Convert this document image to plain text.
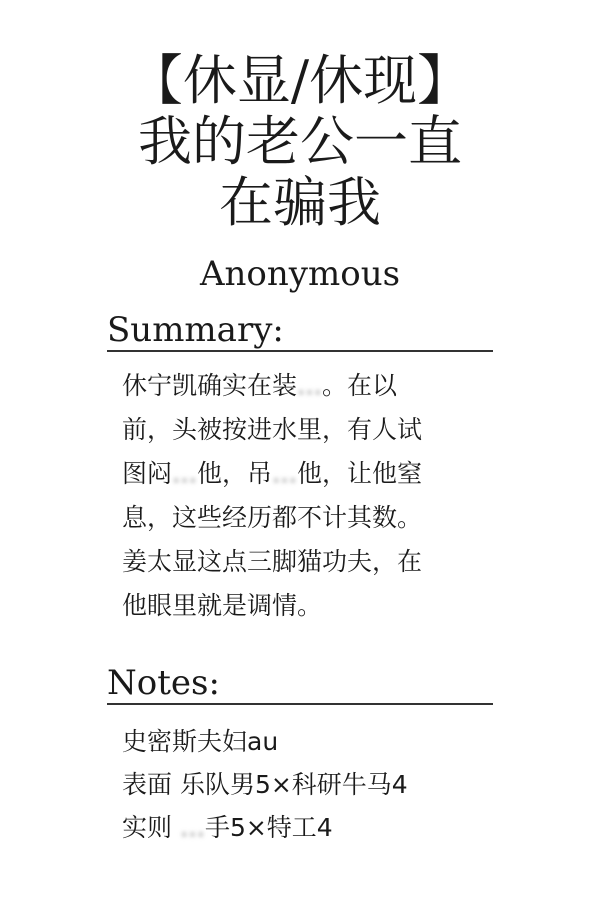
【休显/休现】
我的老公一直
在骗我
Anonymous
Summary:
休宁凯确实在装…。在以
前，头被按进水里，有人试
图闷…他，吊…他，让他窒
息，这些经历都不计其数。
姜太显这点三脚猫功夫，在
他眼里就是调情。
Notes:
史密斯夫妇au
表面 乐队男5×科研牛马4
实则 …手5×特工4
